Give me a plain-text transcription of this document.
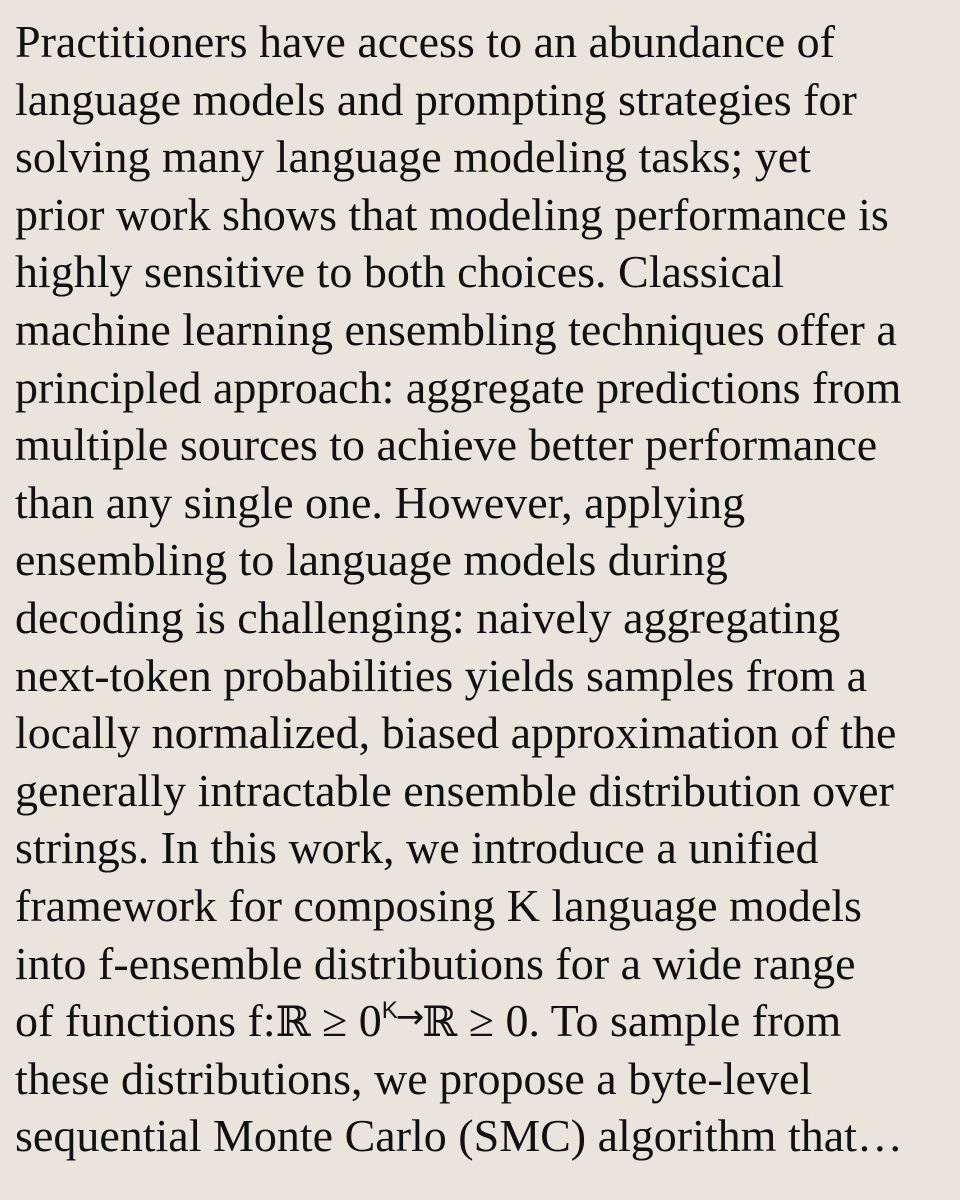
Practitioners have access to an abundance of
language models and prompting strategies for
solving many language modeling tasks; yet
prior work shows that modeling performance is
highly sensitive to both choices. Classical
machine learning ensembling techniques offer a
principled approach: aggregate predictions from
multiple sources to achieve better performance
than any single one. However, applying
ensembling to language models during
decoding is challenging: naively aggregating
next-token probabilities yields samples from a
locally normalized, biased approximation of the
generally intractable ensemble distribution over
strings. In this work, we introduce a unified
framework for composing K language models
into f-ensemble distributions for a wide range
of functions f:ℝ ≥ $0^K\to ℝ \ge 0$. To sample from
these distributions, we propose a byte-level
sequential Monte Carlo (SMC) algorithm that…
